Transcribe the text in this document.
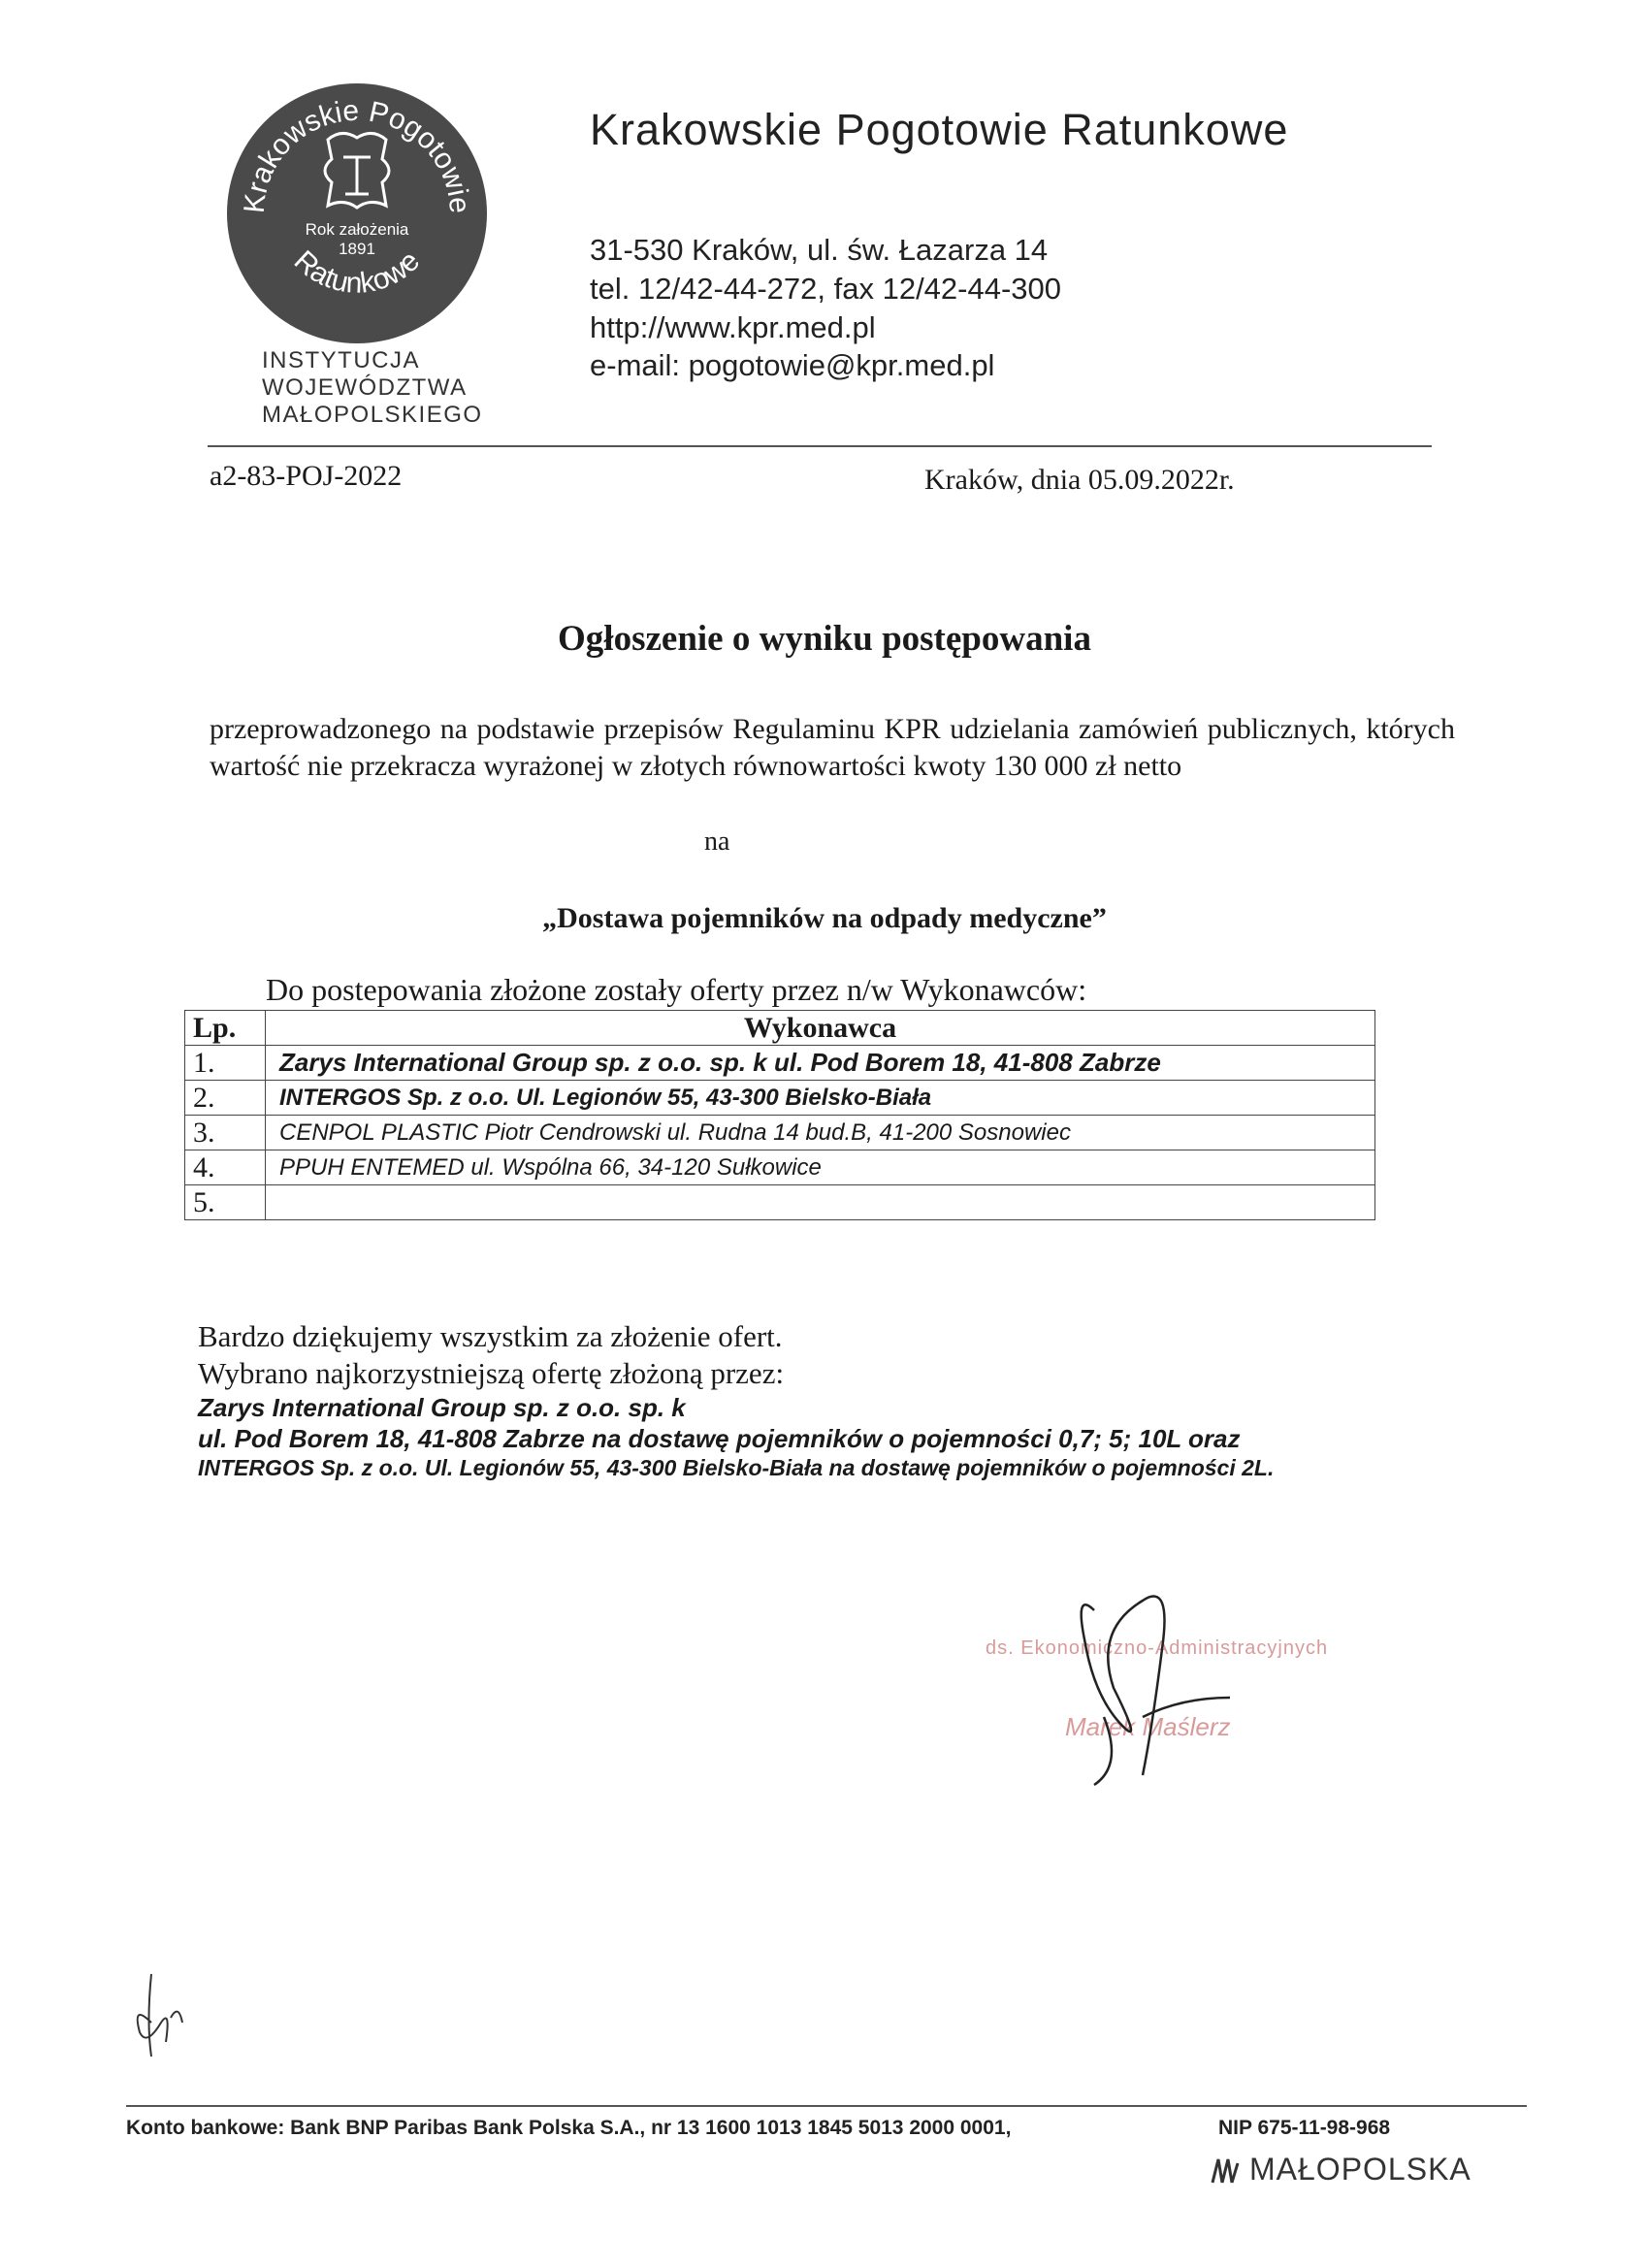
Krakowskie Pogotowie
Ratunkowe
Rok założenia
1891
INSTYTUCJA
WOJEWÓDZTWA
MAŁOPOLSKIEGO
Krakowskie Pogotowie Ratunkowe
31-530 Kraków, ul. św. Łazarza 14
tel. 12/42-44-272, fax 12/42-44-300
http://www.kpr.med.pl
e-mail: pogotowie@kpr.med.pl
a2-83-POJ-2022	Kraków, dnia 05.09.2022r.
Ogłoszenie o wyniku postępowania
przeprowadzonego na podstawie przepisów Regulaminu KPR udzielania zamówień publicznych, których wartość nie przekracza wyrażonej w złotych równowartości kwoty 130 000 zł netto
na
„Dostawa pojemników na odpady medyczne”
Do postepowania złożone zostały oferty przez n/w Wykonawców:
Lp.	Wykonawca
1.	Zarys International Group sp. z o.o. sp. k ul. Pod Borem 18, 41-808 Zabrze
2.	INTERGOS Sp. z o.o. Ul. Legionów 55, 43-300 Bielsko-Biała
3.	CENPOL PLASTIC Piotr Cendrowski ul. Rudna 14 bud.B, 41-200 Sosnowiec
4.	PPUH ENTEMED ul. Wspólna 66, 34-120 Sułkowice
5.	
Bardzo dziękujemy wszystkim za złożenie ofert.
Wybrano najkorzystniejszą ofertę złożoną przez:
Zarys International Group sp. z o.o. sp. k
ul. Pod Borem 18, 41-808 Zabrze na dostawę pojemników o pojemności 0,7; 5; 10L oraz
INTERGOS Sp. z o.o. Ul. Legionów 55, 43-300 Bielsko-Biała na dostawę pojemników o pojemności 2L.
ds. Ekonomiczno-Administracyjnych
Marek Maślerz
Konto bankowe: Bank BNP Paribas Bank Polska S.A., nr 13 1600 1013 1845 5013 2000 0001,	NIP 675-11-98-968
MAŁOPOLSKA
